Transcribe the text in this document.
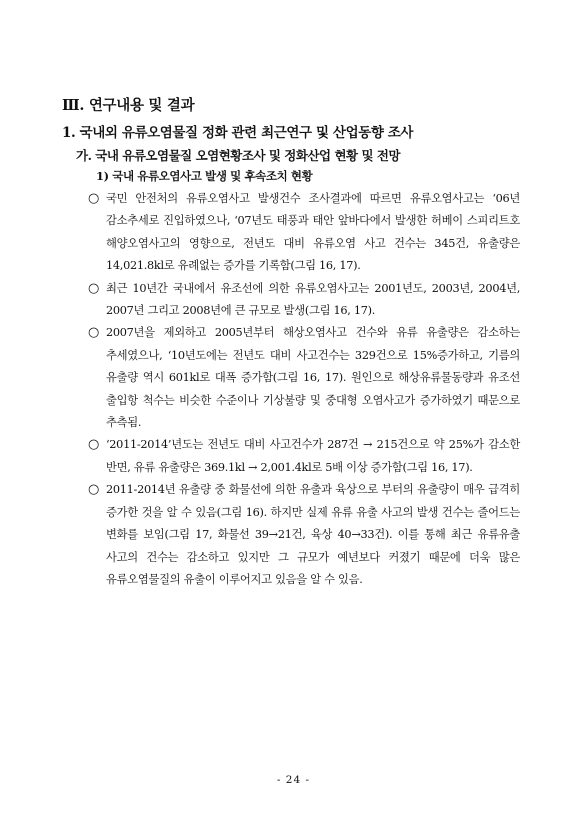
Ⅲ. 연구내용 및 결과
1. 국내외 유류오염물질 정화 관련 최근연구 및 산업동향 조사
가. 국내 유류오염물질 오염현황조사 및 정화산업 현황 및 전망
1) 국내 유류오염사고 발생 및 후속조치 현황
○ 국민 안전처의 유류오염사고 발생건수 조사결과에 따르면 유류오염사고는 ‘06년 감소추세로 진입하였으나, ‘07년도 태풍과 태안 앞바다에서 발생한 허베이 스피리트호 해양오염사고의 영향으로, 전년도 대비 유류오염 사고 건수는 345건, 유출량은 14,021.8kl로 유례없는 증가를 기록함(그림 16, 17).
○ 최근 10년간 국내에서 유조선에 의한 유류오염사고는 2001년도, 2003년, 2004년, 2007년 그리고 2008년에 큰 규모로 발생(그림 16, 17).
○ 2007년을 제외하고 2005년부터 해상오염사고 건수와 유류 유출량은 감소하는 추세였으나, ‘10년도에는 전년도 대비 사고건수는 329건으로 15%증가하고, 기름의 유출량 역시 601kl로 대폭 증가함(그림 16, 17). 원인으로 해상유류물동량과 유조선 출입항 척수는 비슷한 수준이나 기상불량 및 중대형 오염사고가 증가하였기 때문으로 추측됨.
○ ‘2011-2014’년도는 전년도 대비 사고건수가 287건 → 215건으로 약 25%가 감소한 반면, 유류 유출량은 369.1kl → 2,001.4kl로 5배 이상 증가함(그림 16, 17).
○ 2011-2014년 유출량 중 화물선에 의한 유출과 육상으로 부터의 유출량이 매우 급격히 증가한 것을 알 수 있음(그림 16). 하지만 실제 유류 유출 사고의 발생 건수는 줄어드는 변화를 보임(그림 17, 화물선 39→21건, 육상 40→33건). 이를 통해 최근 유류유출 사고의 건수는 감소하고 있지만 그 규모가 예년보다 커졌기 때문에 더욱 많은 유류오염물질의 유출이 이루어지고 있음을 알 수 있음.
- 24 -
